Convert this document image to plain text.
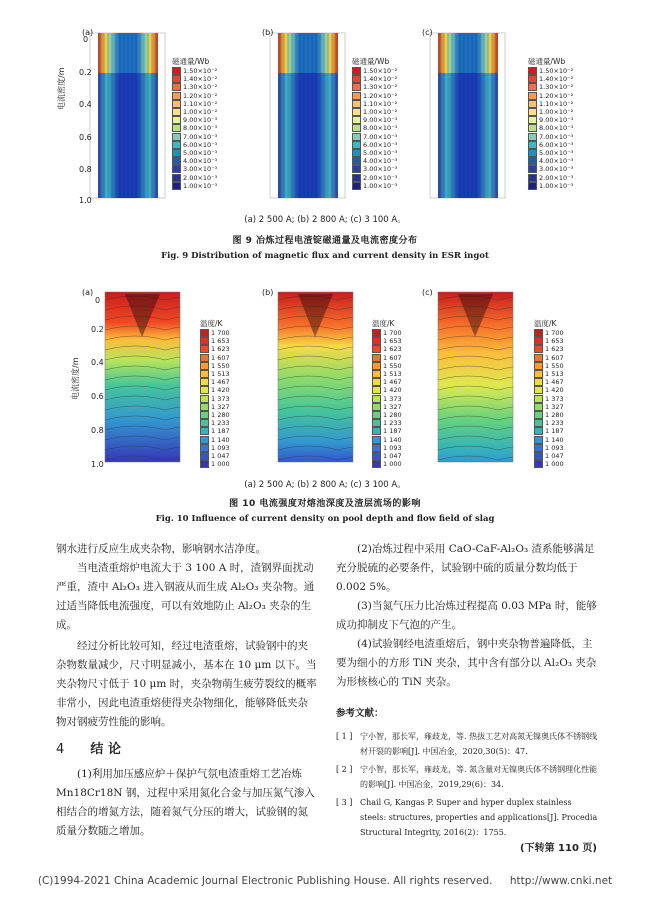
(a)	(b)	(c)
0
0.2
0.4
0.6
0.8
1.0
电流密度/m
磁通量/Wb
1.50×10⁻²
1.40×10⁻²
1.30×10⁻²
1.20×10⁻²
1.10×10⁻²
1.00×10⁻²
9.00×10⁻³
8.00×10⁻³
7.00×10⁻³
6.00×10⁻³
5.00×10⁻³
4.00×10⁻³
3.00×10⁻³
2.00×10⁻³
1.00×10⁻³
磁通量/Wb
1.50×10⁻²
1.40×10⁻²
1.30×10⁻²
1.20×10⁻²
1.10×10⁻²
1.00×10⁻²
9.00×10⁻³
8.00×10⁻³
7.00×10⁻³
6.00×10⁻³
5.00×10⁻³
4.00×10⁻³
3.00×10⁻³
2.00×10⁻³
1.00×10⁻³
磁通量/Wb
1.50×10⁻²
1.40×10⁻²
1.30×10⁻²
1.20×10⁻²
1.10×10⁻²
1.00×10⁻²
9.00×10⁻³
8.00×10⁻³
7.00×10⁻³
6.00×10⁻³
5.00×10⁻³
4.00×10⁻³
3.00×10⁻³
2.00×10⁻³
1.00×10⁻³
(a) 2 500 A; (b) 2 800 A; (c) 3 100 A。
图 9 冶炼过程电渣锭磁通量及电流密度分布
Fig. 9 Distribution of magnetic flux and current density in ESR ingot
(a)	(b)	(c)
0
0.2
0.4
0.6
0.8
1.0
电流密度/m
温度/K
1 700
1 653
1 623
1 607
1 550
1 513
1 467
1 420
1 373
1 327
1 280
1 233
1 187
1 140
1 093
1 047
1 000
温度/K
1 700
1 653
1 623
1 607
1 550
1 513
1 467
1 420
1 373
1 327
1 280
1 233
1 187
1 140
1 093
1 047
1 000
温度/K
1 700
1 653
1 623
1 607
1 550
1 513
1 467
1 420
1 373
1 327
1 280
1 233
1 187
1 140
1 093
1 047
1 000
(a) 2 500 A; (b) 2 800 A; (c) 3 100 A。
图 10 电流强度对熔池深度及渣层流场的影响
Fig. 10 Influence of current density on pool depth and flow field of slag

钢水进行反应生成夹杂物，影响钢水洁净度。

当电渣重熔炉电流大于 3 100 A 时，渣钢界面扰动严重，渣中 Al₂O₃ 进入钢液从而生成 Al₂O₃ 夹杂物。通过适当降低电流强度，可以有效地防止 Al₂O₃ 夹杂的生成。

经过分析比较可知，经过电渣重熔，试验钢中的夹杂物数量减少，尺寸明显减小，基本在 10 μm 以下。当夹杂物尺寸低于 10 μm 时，夹杂物萌生疲劳裂纹的概率非常小，因此电渣重熔使得夹杂物细化，能够降低夹杂物对钢疲劳性能的影响。

4 结 论

(1)利用加压感应炉＋保护气氛电渣重熔工艺冶炼 Mn18Cr18N 钢，过程中采用氮化合金与加压氮气渗入相结合的增氮方法，随着氮气分压的增大，试验钢的氮质量分数随之增加。

(2)冶炼过程中采用 CaO-CaF-Al₂O₃ 渣系能够满足充分脱硫的必要条件，试验钢中硫的质量分数均低于 0.002 5%。

(3)当氮气压力比冶炼过程提高 0.03 MPa 时，能够成功抑制皮下气泡的产生。

(4)试验钢经电渣重熔后，钢中夹杂物普遍降低，主要为细小的方形 TiN 夹杂，其中含有部分以 Al₂O₃ 夹杂为形核核心的 TiN 夹杂。

参考文献：
[ 1 ] 宁小智，那长军，雍歧龙，等. 热拔工艺对高氮无镍奥氏体不锈钢线材开裂的影响[J]. 中国冶金，2020,30(5)：47.
[ 2 ] 宁小智，那长军，雍歧龙，等. 氮含量对无镍奥氏体不锈钢理化性能的影响[J]. 中国冶金，2019,29(6)：34.
[ 3 ] Chail G, Kangas P. Super and hyper duplex stainless steels: structures, properties and applications[J]. Procedia Structural Integrity, 2016(2)：1755.
(下转第 110 页)
(C)1994-2021 China Academic Journal Electronic Publishing House. All rights reserved. http://www.cnki.net
